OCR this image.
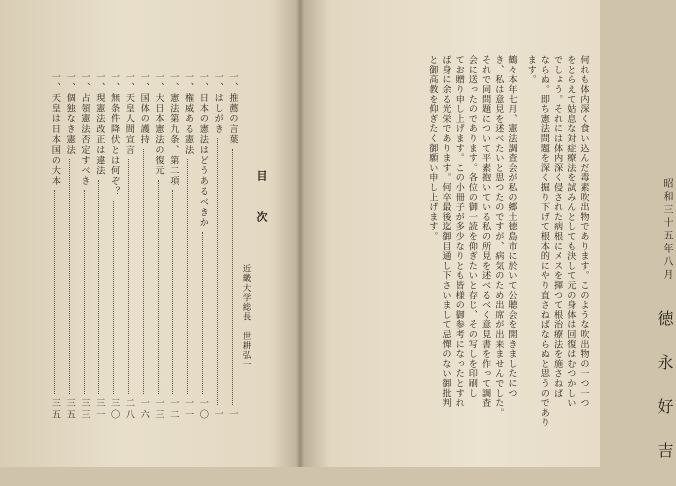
目次
近畿大学総長　世耕弘一
一、推薦の言葉
一
一、はしがき
一
一、日本の憲法はどうあるべきか
一〇
一、権威ある憲法
一一
一、憲法第九条、第二項
一二
一、大日本憲法の復元
一三
一、国体の護持
一六
一、天皇人間宣言
二八
一、無条件降伏とは何ぞ？
三〇
一、現憲法改正は違法
三一
一、占領憲法否定すべき
三三
一、個独なき憲法
三五
一、天皇は日本国の大本
三五
何れも体内深く食い込んだ毒素吹出物であります。このような吹出物の一つ一つ
をとらえて姑息な対症療法を試みんとしても決して元の身体は回復はむつかしい
でしょう。それには体内深く侵された病根にメスを揮つて根治療法を施さねば
ならぬ。即ち憲法問題を深く掘り下げて根本的にやり直さねばならぬと思うのであり
ます。
鶴々本年七月、憲法調査会が私の郷土徳島市に於いて公聴会を開きましたにつ
き、私は意見を述べたいと思つたのですが、病気のため出席が出来ませんでした。
それで同問題について平素抱いている私の所見を述べるべく意見書を作って調査
会に送ったのであります。各位の御一読を仰ぎたいと存じ、その写しを印刷し
てお贈り申し上げます。この小冊子が多少なりとも皆様の御参考になったとすれ
ば身に余る光栄であります。何卒最後迄御目通し下さいまして忌憚のない御批判
と御高教を仰ぎたく御願い申し上げます。	昭和三十五年八月
徳永好吉
